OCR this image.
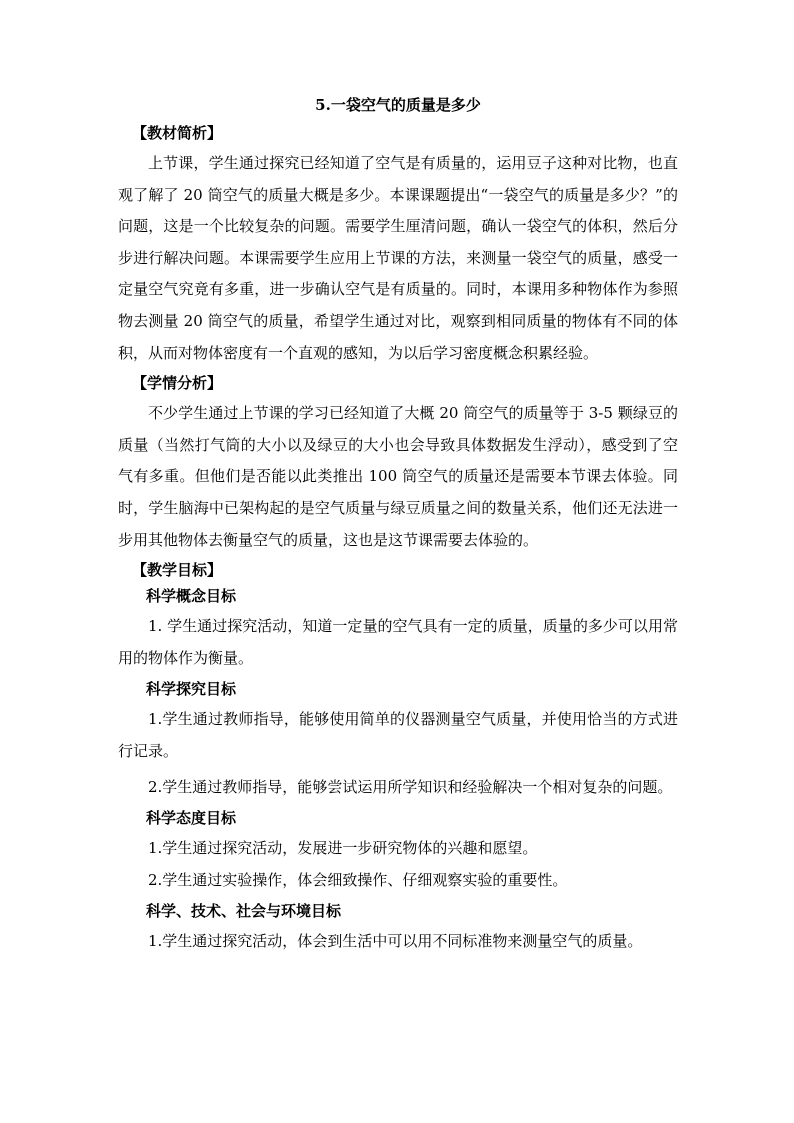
5.一袋空气的质量是多少
【教材简析】

上节课，学生通过探究已经知道了空气是有质量的，运用豆子这种对比物，也直观了解了 20 筒空气的质量大概是多少。本课课题提出“一袋空气的质量是多少？”的问题，这是一个比较复杂的问题。需要学生厘清问题，确认一袋空气的体积，然后分步进行解决问题。本课需要学生应用上节课的方法，来测量一袋空气的质量，感受一定量空气究竟有多重，进一步确认空气是有质量的。同时，本课用多种物体作为参照物去测量 20 筒空气的质量，希望学生通过对比，观察到相同质量的物体有不同的体积，从而对物体密度有一个直观的感知，为以后学习密度概念积累经验。

【学情分析】

不少学生通过上节课的学习已经知道了大概 20 筒空气的质量等于 3-5 颗绿豆的质量（当然打气筒的大小以及绿豆的大小也会导致具体数据发生浮动），感受到了空气有多重。但他们是否能以此类推出 100 筒空气的质量还是需要本节课去体验。同时，学生脑海中已架构起的是空气质量与绿豆质量之间的数量关系，他们还无法进一步用其他物体去衡量空气的质量，这也是这节课需要去体验的。

【教学目标】
科学概念目标

1. 学生通过探究活动，知道一定量的空气具有一定的质量，质量的多少可以用常用的物体作为衡量。

科学探究目标

1.学生通过教师指导，能够使用简单的仪器测量空气质量，并使用恰当的方式进行记录。

2.学生通过教师指导，能够尝试运用所学知识和经验解决一个相对复杂的问题。

科学态度目标

1.学生通过探究活动，发展进一步研究物体的兴趣和愿望。

2.学生通过实验操作，体会细致操作、仔细观察实验的重要性。

科学、技术、社会与环境目标

1.学生通过探究活动，体会到生活中可以用不同标准物来测量空气的质量。
